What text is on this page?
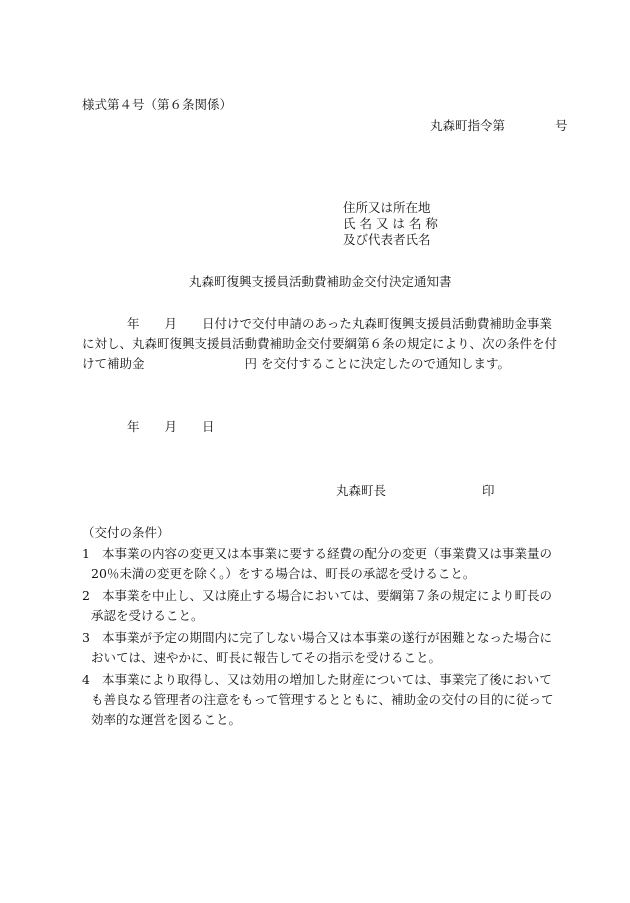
様式第４号（第６条関係）
丸森町指令第　　　　号
住所又は所在地
氏 名 又 は 名 称
及び代表者氏名
丸森町復興支援員活動費補助金交付決定通知書
年　　月　　日付けで交付申請のあった丸森町復興支援員活動費補助金事業
に対し、丸森町復興支援員活動費補助金交付要綱第６条の規定により、次の条件を付
けて補助金　　　　　　　　円 を交付することに決定したので通知します。
年　　月　　日
丸森町長	印
（交付の条件）
1 本事業の内容の変更又は本事業に要する経費の配分の変更（事業費又は事業量の
20％未満の変更を除く。）をする場合は、町長の承認を受けること。
2 本事業を中止し、又は廃止する場合においては、要綱第７条の規定により町長の
承認を受けること。
3 本事業が予定の期間内に完了しない場合又は本事業の遂行が困難となった場合に
おいては、速やかに、町長に報告してその指示を受けること。
4 本事業により取得し、又は効用の増加した財産については、事業完了後において
も善良なる管理者の注意をもって管理するとともに、補助金の交付の目的に従って
効率的な運営を図ること。
